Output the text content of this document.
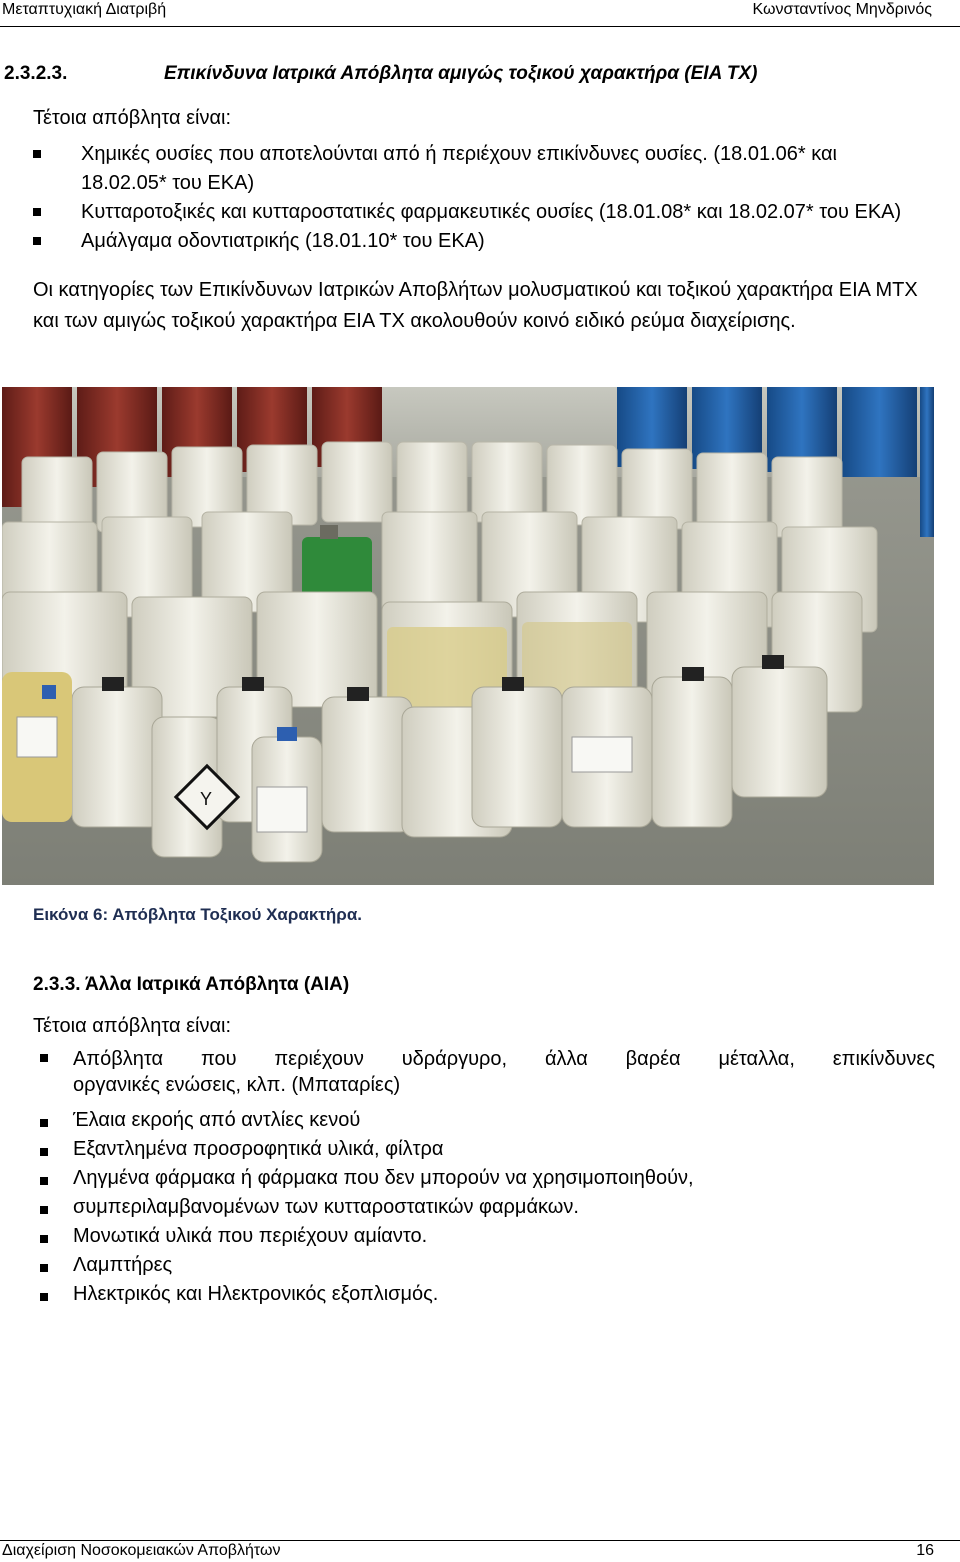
Μεταπτυχιακή Διατριβή	Κωνσταντίνος Μηνδρινός
2.3.2.3.	Επικίνδυνα Ιατρικά Απόβλητα αμιγώς τοξικού χαρακτήρα (ΕΙΑ ΤΧ)
Τέτοια απόβλητα είναι:
Χημικές ουσίες που αποτελούνται από ή περιέχουν επικίνδυνες ουσίες. (18.01.06* και 18.02.05* του ΕΚΑ)
Κυτταροτοξικές και κυτταροστατικές φαρμακευτικές ουσίες (18.01.08* και 18.02.07* του ΕΚΑ)
Αμάλγαμα οδοντιατρικής (18.01.10* του ΕΚΑ)
Οι κατηγορίες των Επικίνδυνων Ιατρικών Αποβλήτων μολυσματικού και τοξικού χαρακτήρα ΕΙΑ ΜΤΧ και των αμιγώς τοξικού χαρακτήρα ΕΙΑ ΤΧ ακολουθούν κοινό ειδικό ρεύμα διαχείρισης.
Y
Εικόνα 6: Απόβλητα Τοξικού Χαρακτήρα.
2.3.3. Άλλα Ιατρικά Απόβλητα (ΑΙΑ)
Τέτοια απόβλητα είναι:
Απόβλητα που περιέχουν υδράργυρο, άλλα βαρέα μέταλλα, επικίνδυνες
οργανικές ενώσεις, κλπ. (Μπαταρίες)
Έλαια εκροής από αντλίες κενού
Εξαντλημένα προσροφητικά υλικά, φίλτρα
Ληγμένα φάρμακα ή φάρμακα που δεν μπορούν να χρησιμοποιηθούν,
συμπεριλαμβανομένων των κυτταροστατικών φαρμάκων.
Μονωτικά υλικά που περιέχουν αμίαντο.
Λαμπτήρες
Ηλεκτρικός και Ηλεκτρονικός εξοπλισμός.
Διαχείριση Νοσοκομειακών Αποβλήτων	16
